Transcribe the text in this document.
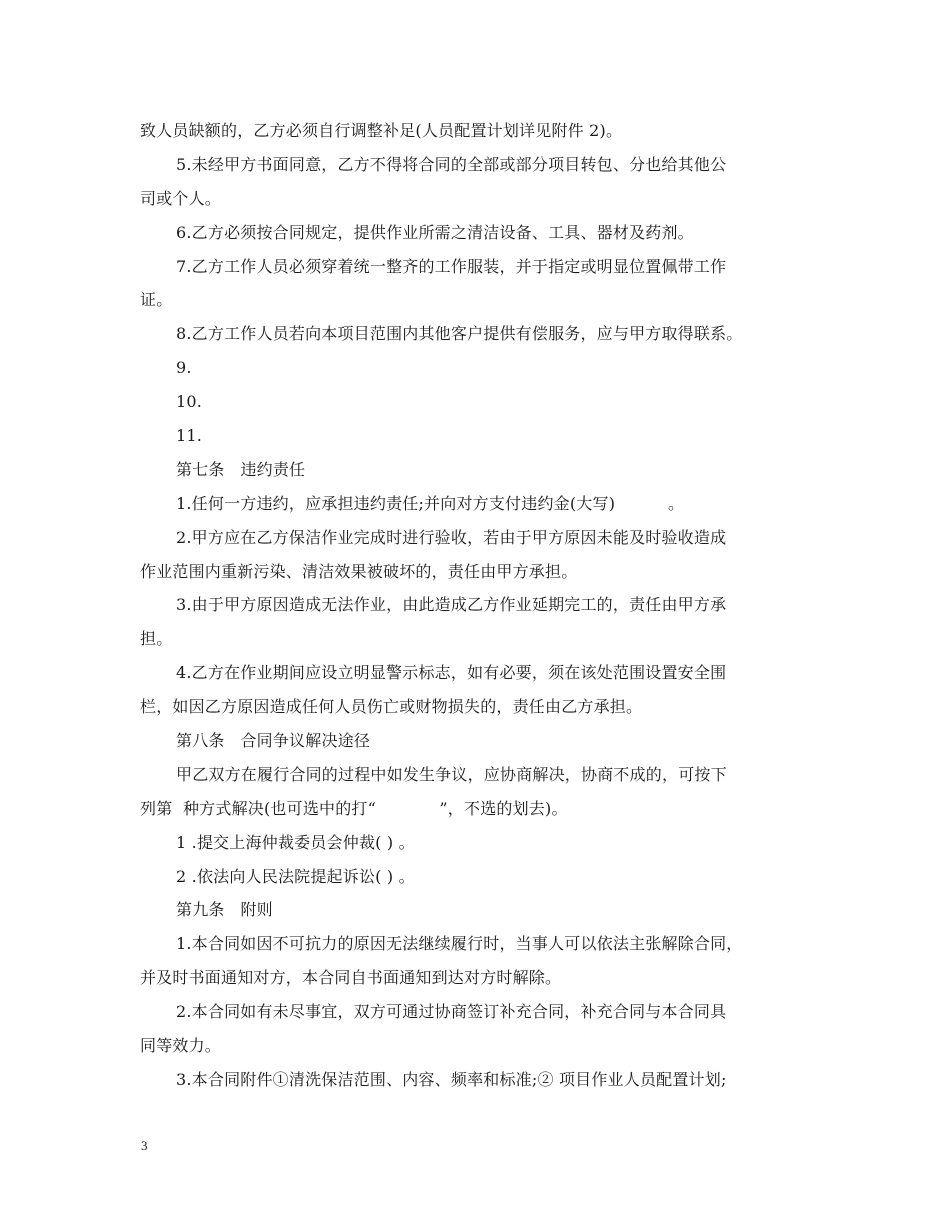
致人员缺额的，乙方必须自行调整补足(人员配置计划详见附件 2)。
5.未经甲方书面同意，乙方不得将合同的全部或部分项目转包、分也给其他公
司或个人。
6.乙方必须按合同规定，提供作业所需之清洁设备、工具、器材及药剂。
7.乙方工作人员必须穿着统一整齐的工作服装，并于指定或明显位置佩带工作
证。
8.乙方工作人员若向本项目范围内其他客户提供有偿服务，应与甲方取得联系。
9.
10.
11.
第七条   违约责任
1.任何一方违约，应承担违约责任;并向对方支付违约金(大写)          。
2.甲方应在乙方保洁作业完成时进行验收，若由于甲方原因未能及时验收造成
作业范围内重新污染、清洁效果被破坏的，责任由甲方承担。
3.由于甲方原因造成无法作业，由此造成乙方作业延期完工的，责任由甲方承
担。
4.乙方在作业期间应设立明显警示标志，如有必要，须在该处范围设置安全围
栏，如因乙方原因造成任何人员伤亡或财物损失的，责任由乙方承担。
第八条   合同争议解决途径
甲乙双方在履行合同的过程中如发生争议，应协商解决，协商不成的，可按下
列第  种方式解决(也可选中的打“            ”，不选的划去)。
1 .提交上海仲裁委员会仲裁( ) 。
2 .依法向人民法院提起诉讼( ) 。
第九条   附则
1.本合同如因不可抗力的原因无法继续履行时，当事人可以依法主张解除合同，
并及时书面通知对方，本合同自书面通知到达对方时解除。
2.本合同如有未尽事宜，双方可通过协商签订补充合同，补充合同与本合同具
同等效力。
3.本合同附件①清洗保洁范围、内容、频率和标准;② 项目作业人员配置计划;
3
